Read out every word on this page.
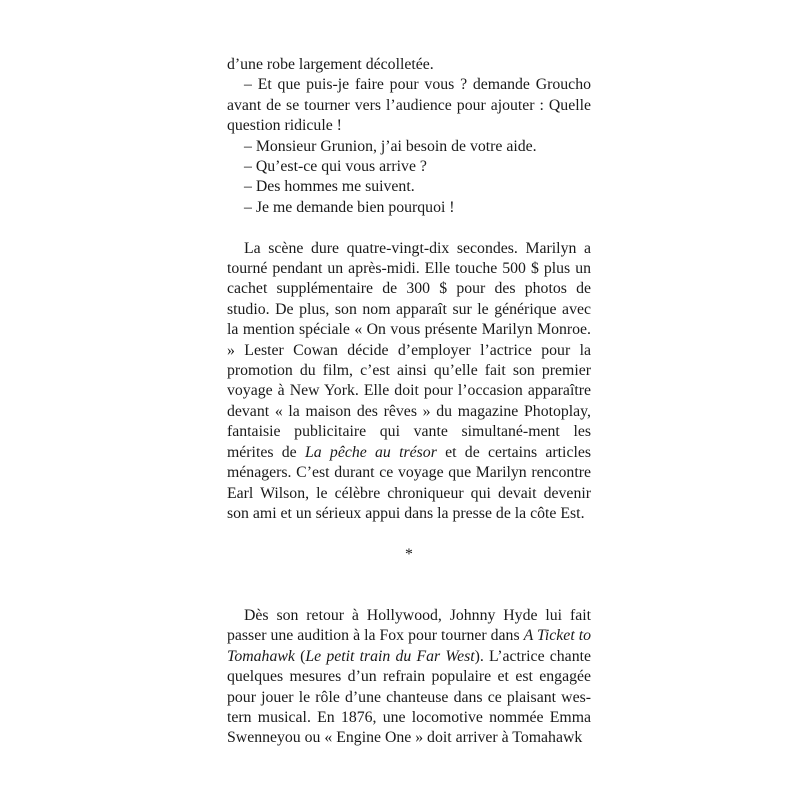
d’une robe largement décolletée.

– Et que puis-je faire pour vous ? demande Groucho avant de se tourner vers l’audience pour ajouter : Quelle question ridicule !

– Monsieur Grunion, j’ai besoin de votre aide.

– Qu’est-ce qui vous arrive ?

– Des hommes me suivent.

– Je me demande bien pourquoi !

La scène dure quatre-vingt-dix secondes. Marilyn a tourné pendant un après-midi. Elle touche 500 $ plus un cachet supplémentaire de 300 $ pour des photos de studio. De plus, son nom apparaît sur le générique avec la mention spéciale « On vous présente Marilyn Monroe. » Lester Cowan décide d’employer l’actrice pour la promotion du film, c’est ainsi qu’elle fait son premier voyage à New York. Elle doit pour l’occasion apparaître devant « la maison des rêves » du magazine Photoplay, fantaisie publicitaire qui vante simultané-ment les mérites de La pêche au trésor et de certains articles ménagers. C’est durant ce voyage que Marilyn rencontre Earl Wilson, le célèbre chroniqueur qui devait devenir son ami et un sérieux appui dans la presse de la côte Est.

*

Dès son retour à Hollywood, Johnny Hyde lui fait passer une audition à la Fox pour tourner dans A Ticket to Tomahawk (Le petit train du Far West). L’actrice chante quelques mesures d’un refrain populaire et est engagée pour jouer le rôle d’une chanteuse dans ce plaisant wes-tern musical. En 1876, une locomotive nommée Emma Swenneyou ou « Engine One » doit arriver à Tomahawk
